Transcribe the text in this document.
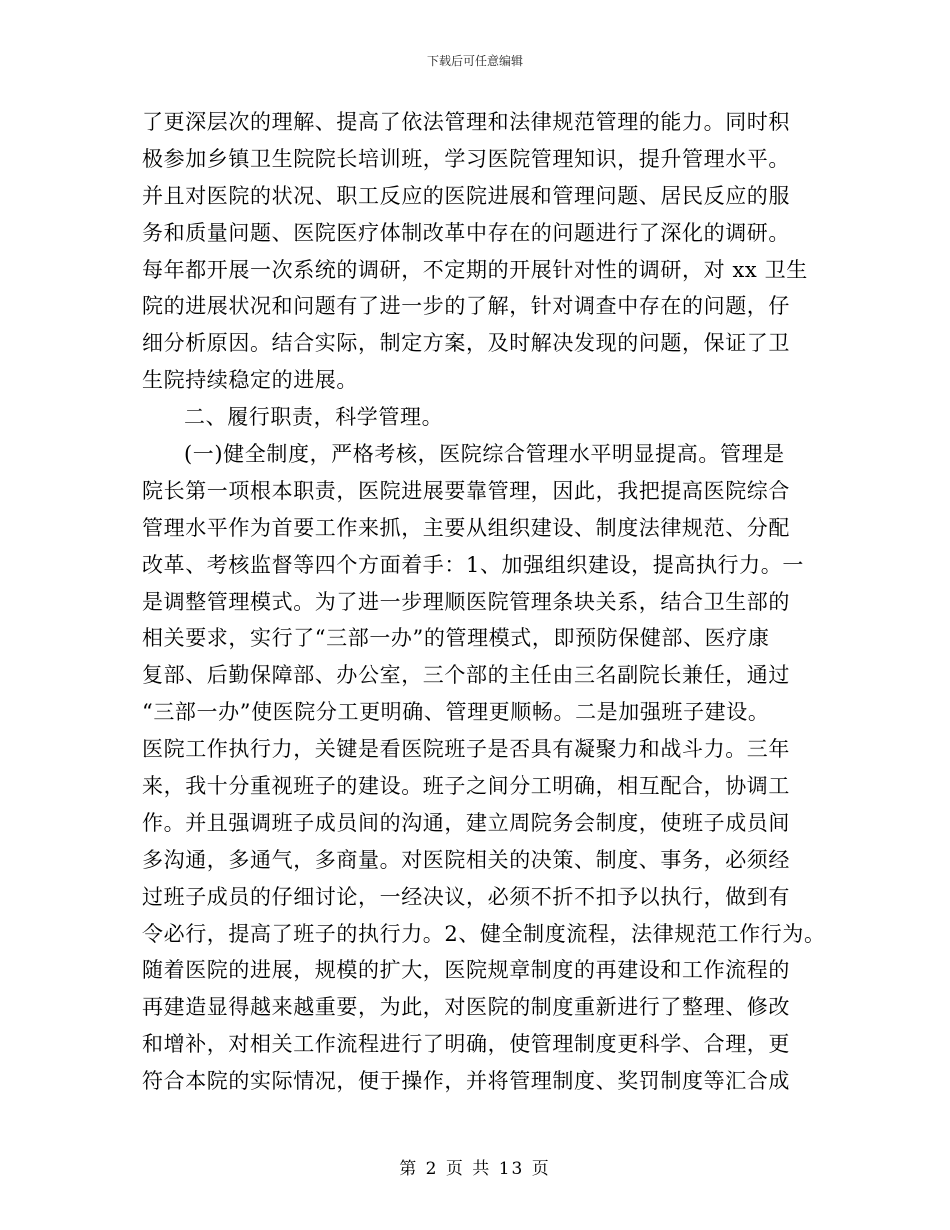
下载后可任意编辑
了更深层次的理解、提高了依法管理和法律规范管理的能力。同时积
极参加乡镇卫生院院长培训班，学习医院管理知识，提升管理水平。
并且对医院的状况、职工反应的医院进展和管理问题、居民反应的服
务和质量问题、医院医疗体制改革中存在的问题进行了深化的调研。
每年都开展一次系统的调研，不定期的开展针对性的调研，对 xx 卫生
院的进展状况和问题有了进一步的了解，针对调查中存在的问题，仔
细分析原因。结合实际，制定方案，及时解决发现的问题，保证了卫
生院持续稳定的进展。
二、履行职责，科学管理。
(一)健全制度，严格考核，医院综合管理水平明显提高。管理是
院长第一项根本职责，医院进展要靠管理，因此，我把提高医院综合
管理水平作为首要工作来抓，主要从组织建设、制度法律规范、分配
改革、考核监督等四个方面着手：1、加强组织建设，提高执行力。一
是调整管理模式。为了进一步理顺医院管理条块关系，结合卫生部的
相关要求，实行了“三部一办”的管理模式，即预防保健部、医疗康
复部、后勤保障部、办公室，三个部的主任由三名副院长兼任，通过
“三部一办”使医院分工更明确、管理更顺畅。二是加强班子建设。
医院工作执行力，关键是看医院班子是否具有凝聚力和战斗力。三年
来，我十分重视班子的建设。班子之间分工明确，相互配合，协调工
作。并且强调班子成员间的沟通，建立周院务会制度，使班子成员间
多沟通，多通气，多商量。对医院相关的决策、制度、事务，必须经
过班子成员的仔细讨论，一经决议，必须不折不扣予以执行，做到有
令必行，提高了班子的执行力。2、健全制度流程，法律规范工作行为。
随着医院的进展，规模的扩大，医院规章制度的再建设和工作流程的
再建造显得越来越重要，为此，对医院的制度重新进行了整理、修改
和增补，对相关工作流程进行了明确，使管理制度更科学、合理，更
符合本院的实际情况，便于操作，并将管理制度、奖罚制度等汇合成
第 2 页 共 13 页
